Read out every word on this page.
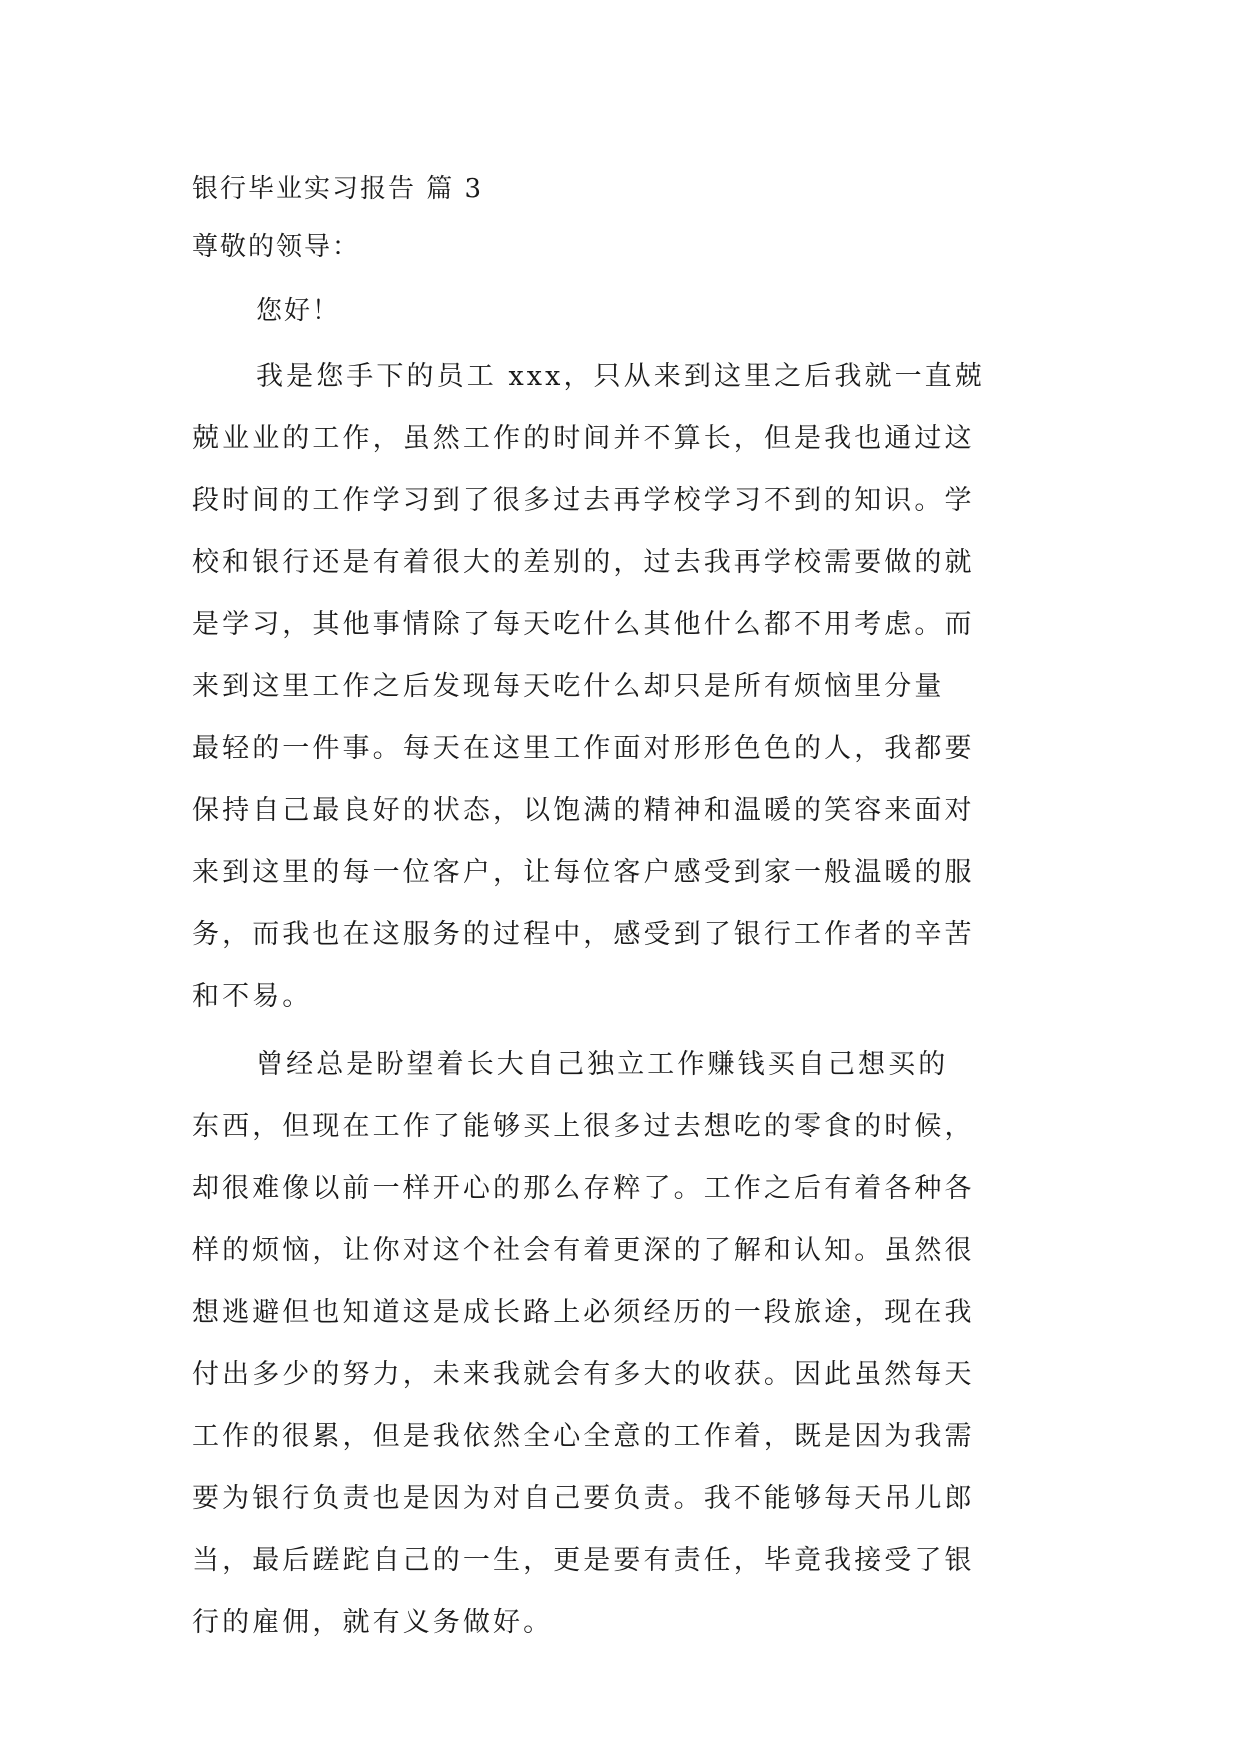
银行毕业实习报告 篇 3
尊敬的领导：
您好！
我是您手下的员工 xxx，只从来到这里之后我就一直兢
兢业业的工作，虽然工作的时间并不算长，但是我也通过这
段时间的工作学习到了很多过去再学校学习不到的知识。学
校和银行还是有着很大的差别的，过去我再学校需要做的就
是学习，其他事情除了每天吃什么其他什么都不用考虑。而
来到这里工作之后发现每天吃什么却只是所有烦恼里分量
最轻的一件事。每天在这里工作面对形形色色的人，我都要
保持自己最良好的状态，以饱满的精神和温暖的笑容来面对
来到这里的每一位客户，让每位客户感受到家一般温暖的服
务，而我也在这服务的过程中，感受到了银行工作者的辛苦
和不易。
曾经总是盼望着长大自己独立工作赚钱买自己想买的
东西，但现在工作了能够买上很多过去想吃的零食的时候，
却很难像以前一样开心的那么存粹了。工作之后有着各种各
样的烦恼，让你对这个社会有着更深的了解和认知。虽然很
想逃避但也知道这是成长路上必须经历的一段旅途，现在我
付出多少的努力，未来我就会有多大的收获。因此虽然每天
工作的很累，但是我依然全心全意的工作着，既是因为我需
要为银行负责也是因为对自己要负责。我不能够每天吊儿郎
当，最后蹉跎自己的一生，更是要有责任，毕竟我接受了银
行的雇佣，就有义务做好。
